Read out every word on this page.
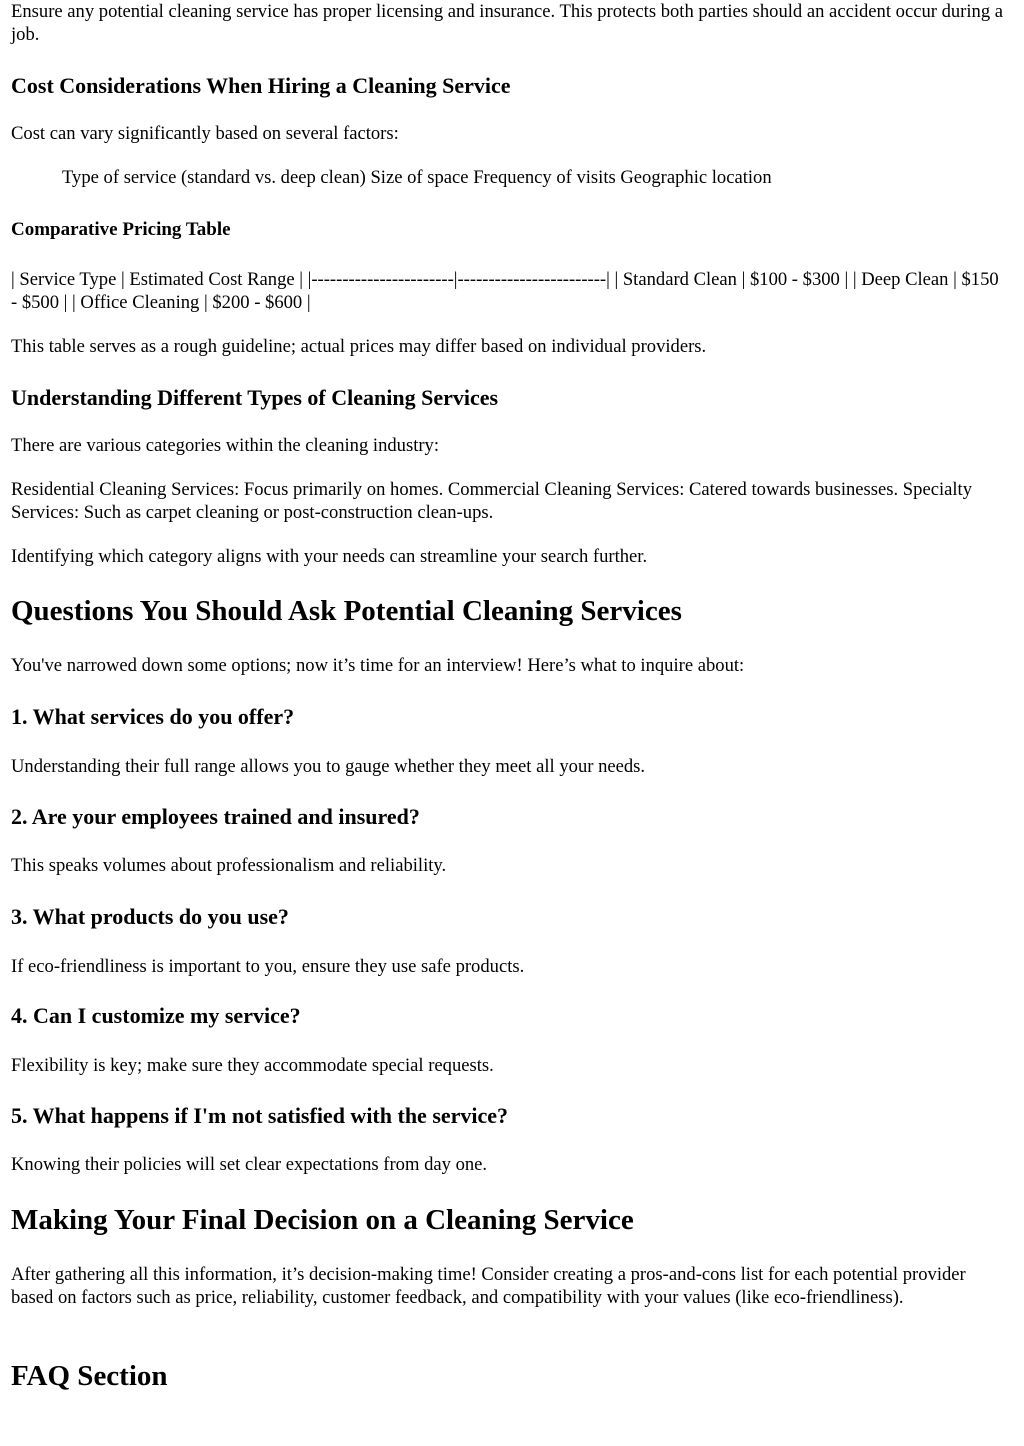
Ensure any potential cleaning service has proper licensing and insurance. This protects both parties should an accident occur during a job.

Cost Considerations When Hiring a Cleaning Service

Cost can vary significantly based on several factors:

Type of service (standard vs. deep clean) Size of space Frequency of visits Geographic location

Comparative Pricing Table

| Service Type | Estimated Cost Range | |-----------------------|------------------------| | Standard Clean | $100 - $300 | | Deep Clean | $150 - $500 | | Office Cleaning | $200 - $600 |

This table serves as a rough guideline; actual prices may differ based on individual providers.

Understanding Different Types of Cleaning Services

There are various categories within the cleaning industry:

Residential Cleaning Services: Focus primarily on homes. Commercial Cleaning Services: Catered towards businesses. Specialty Services: Such as carpet cleaning or post-construction clean-ups.

Identifying which category aligns with your needs can streamline your search further.

Questions You Should Ask Potential Cleaning Services

You've narrowed down some options; now it’s time for an interview! Here’s what to inquire about:

1. What services do you offer?

Understanding their full range allows you to gauge whether they meet all your needs.

2. Are your employees trained and insured?

This speaks volumes about professionalism and reliability.

3. What products do you use?

If eco-friendliness is important to you, ensure they use safe products.

4. Can I customize my service?

Flexibility is key; make sure they accommodate special requests.

5. What happens if I'm not satisfied with the service?

Knowing their policies will set clear expectations from day one.

Making Your Final Decision on a Cleaning Service

After gathering all this information, it’s decision-making time! Consider creating a pros-and-cons list for each potential provider based on factors such as price, reliability, customer feedback, and compatibility with your values (like eco-friendliness).

FAQ Section
